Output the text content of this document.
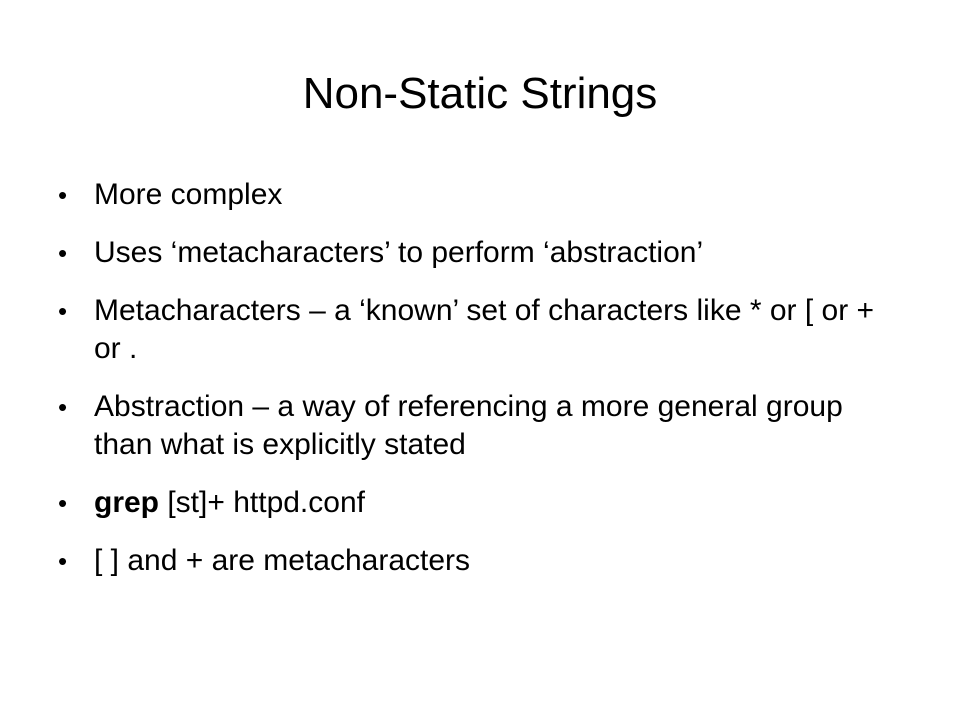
Non-Static Strings
• More complex
• Uses ‘metacharacters’ to perform ‘abstraction’
• Metacharacters – a ‘known’ set of characters like * or [ or + or .
• Abstraction – a way of referencing a more general group than what is explicitly stated
• grep [st]+ httpd.conf
• [ ] and + are metacharacters
